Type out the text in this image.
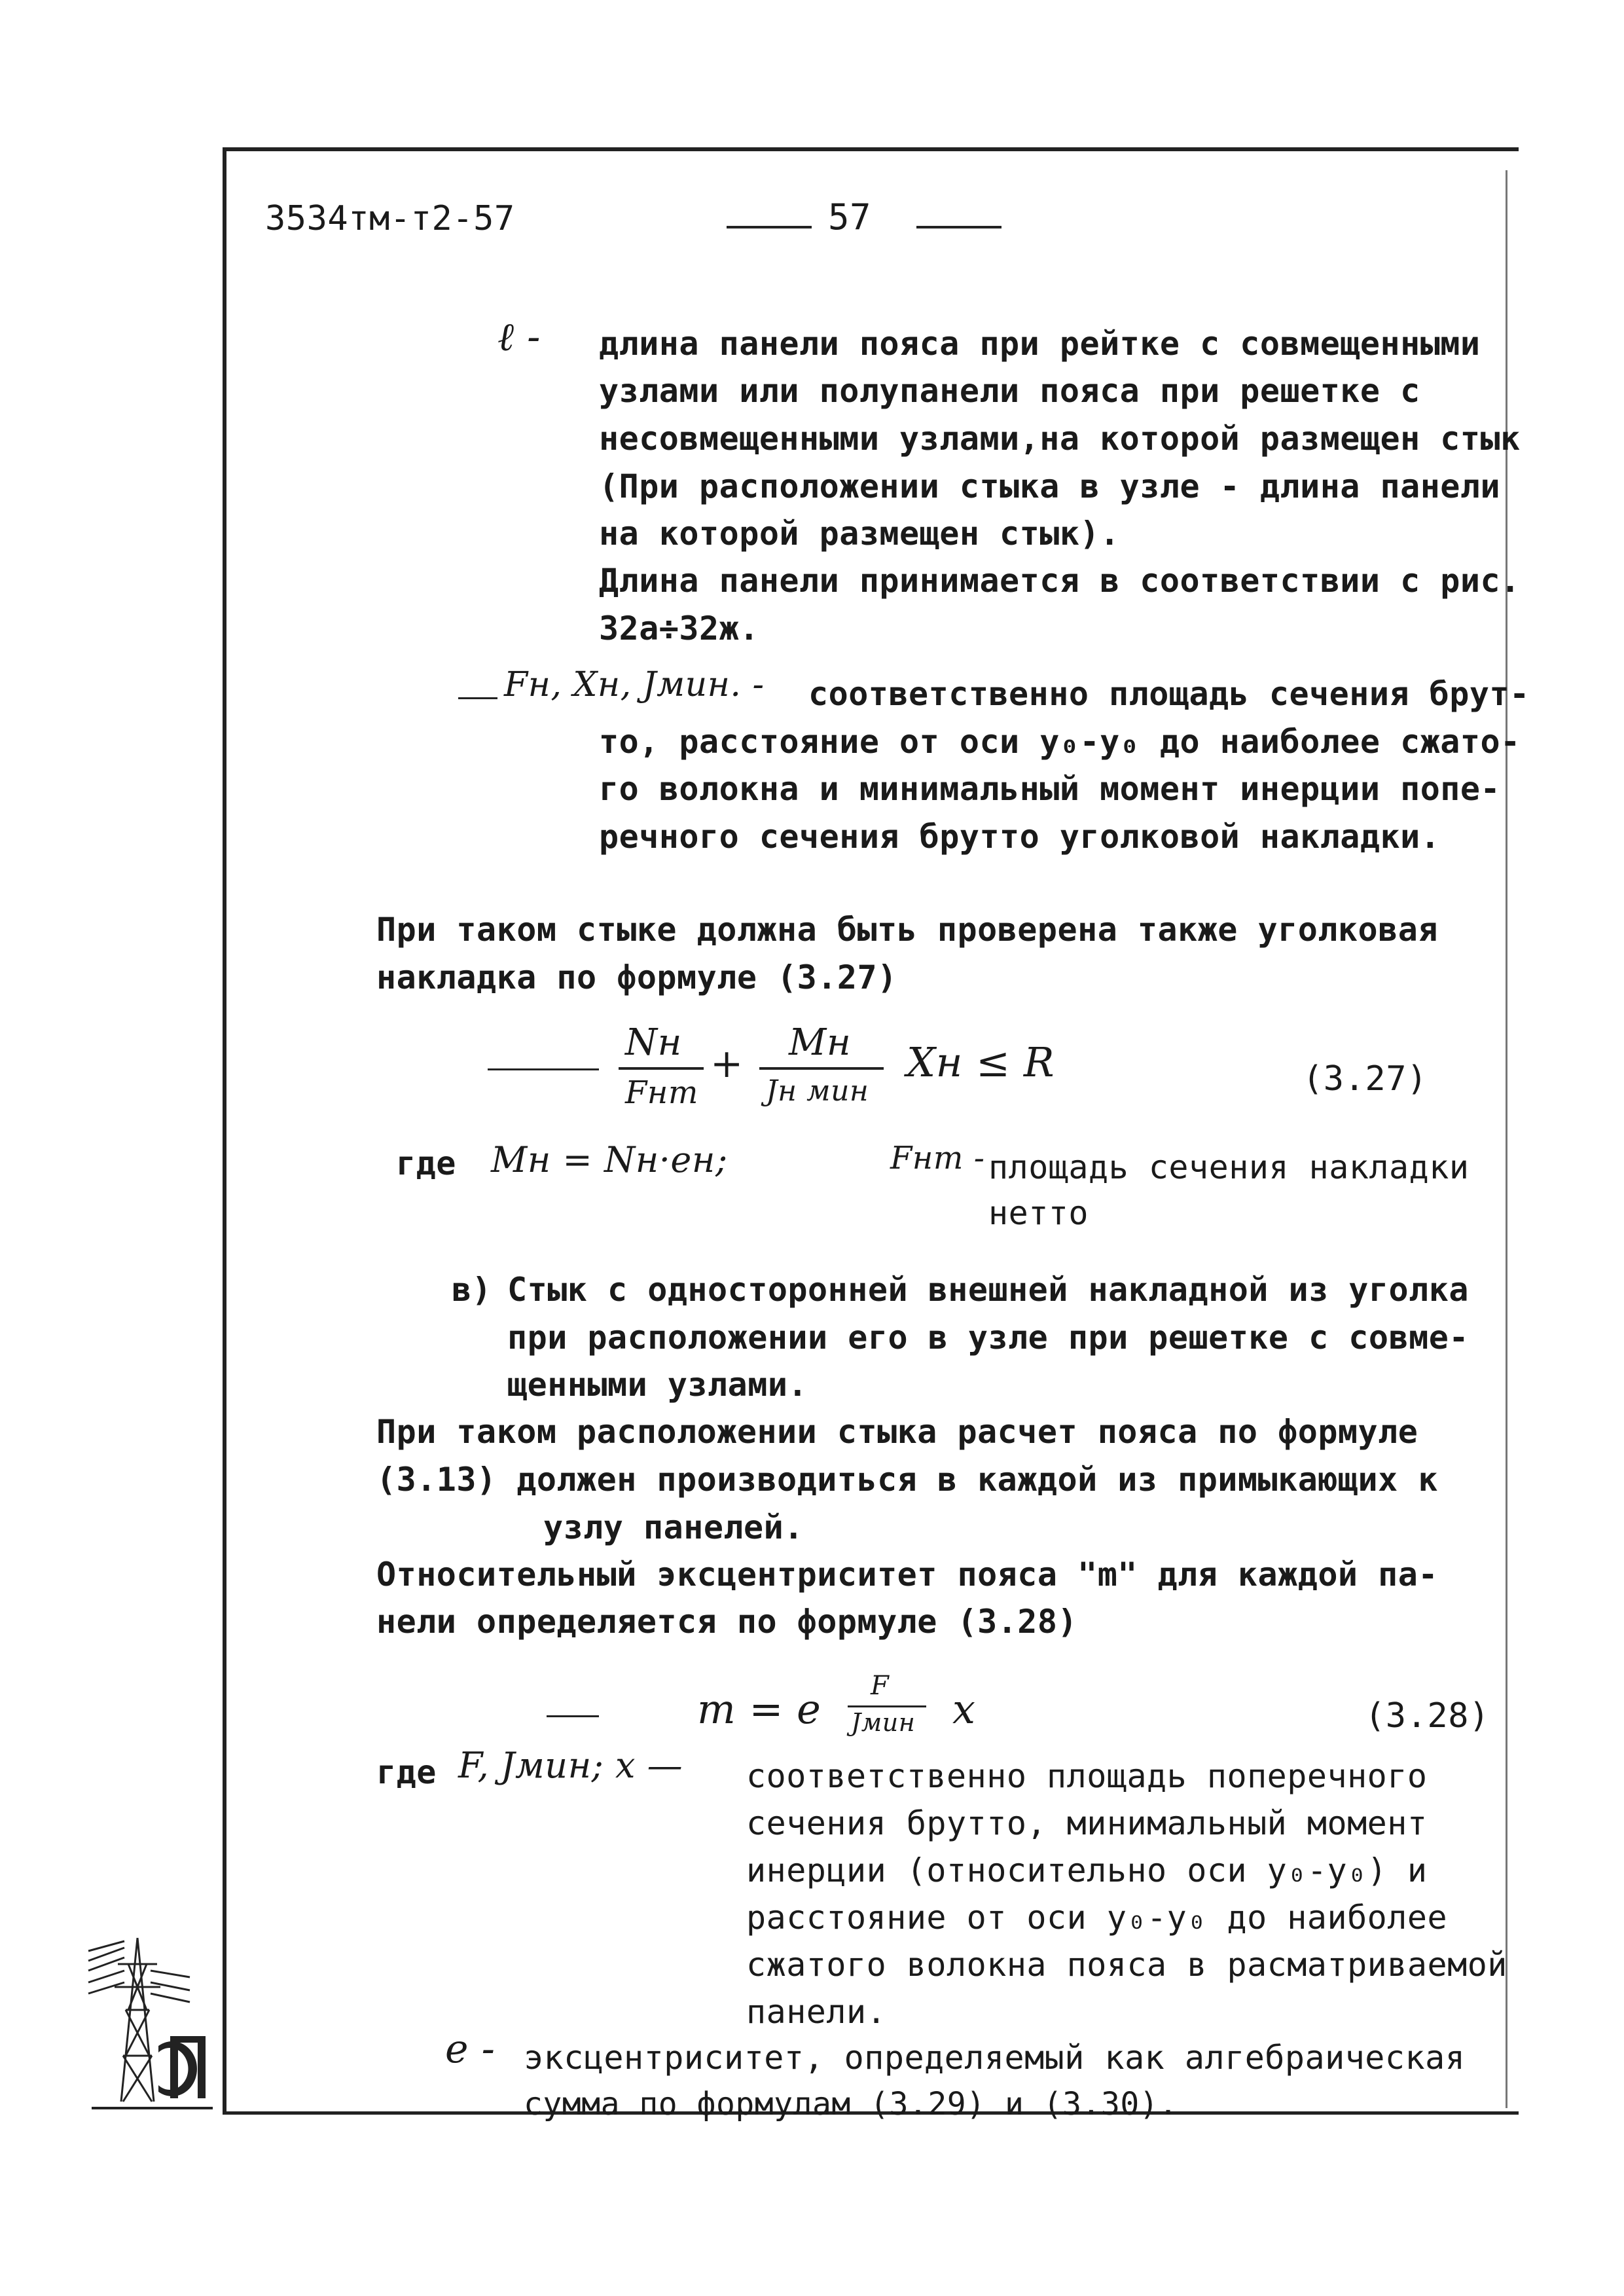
3534тм-т2-57	57
ℓ - длина панели пояса при рейтке с совмещенными
узлами или полупанели пояса при решетке с
несовмещенными узлами,на которой размещен стык
(При расположении стыка в узле - длина панели
на которой размещен стык).
Длина панели принимается в соответствии с рис.
32а÷32ж.
Fн, Xн, Jмин. - соответственно площадь сечения брут-
то, расстояние от оси у₀-у₀ до наиболее сжато-
го волокна и минимальный момент инерции попе-
речного сечения брутто уголковой накладки.
При таком стыке должна быть проверена также уголковая
накладка по формуле (3.27)
Nн
Fнт
+ Mн
Jн мин
Xн ≤ R	(3.27)
где Mн = Nн·eн;	Fнт - площадь сечения накладки
нетто
в) Стык с односторонней внешней накладной из уголка
при расположении его в узле при решетке с совме-
щенными узлами.
При таком расположении стыка расчет пояса по формуле
(3.13) должен производиться в каждой из примыкающих к
узлу панелей.
Относительный эксцентриситет пояса "m" для каждой па-
нели определяется по формуле (3.28)
m = e F
Jмин x	(3.28)
где F, Jмин; x — соответственно площадь поперечного
сечения брутто, минимальный момент
инерции (относительно оси у₀-у₀) и
расстояние от оси у₀-у₀ до наиболее
сжатого волокна пояса в расматриваемой
панели.
e - эксцентриситет, определяемый как алгебраическая
сумма по формулам (3.29) и (3.30).
